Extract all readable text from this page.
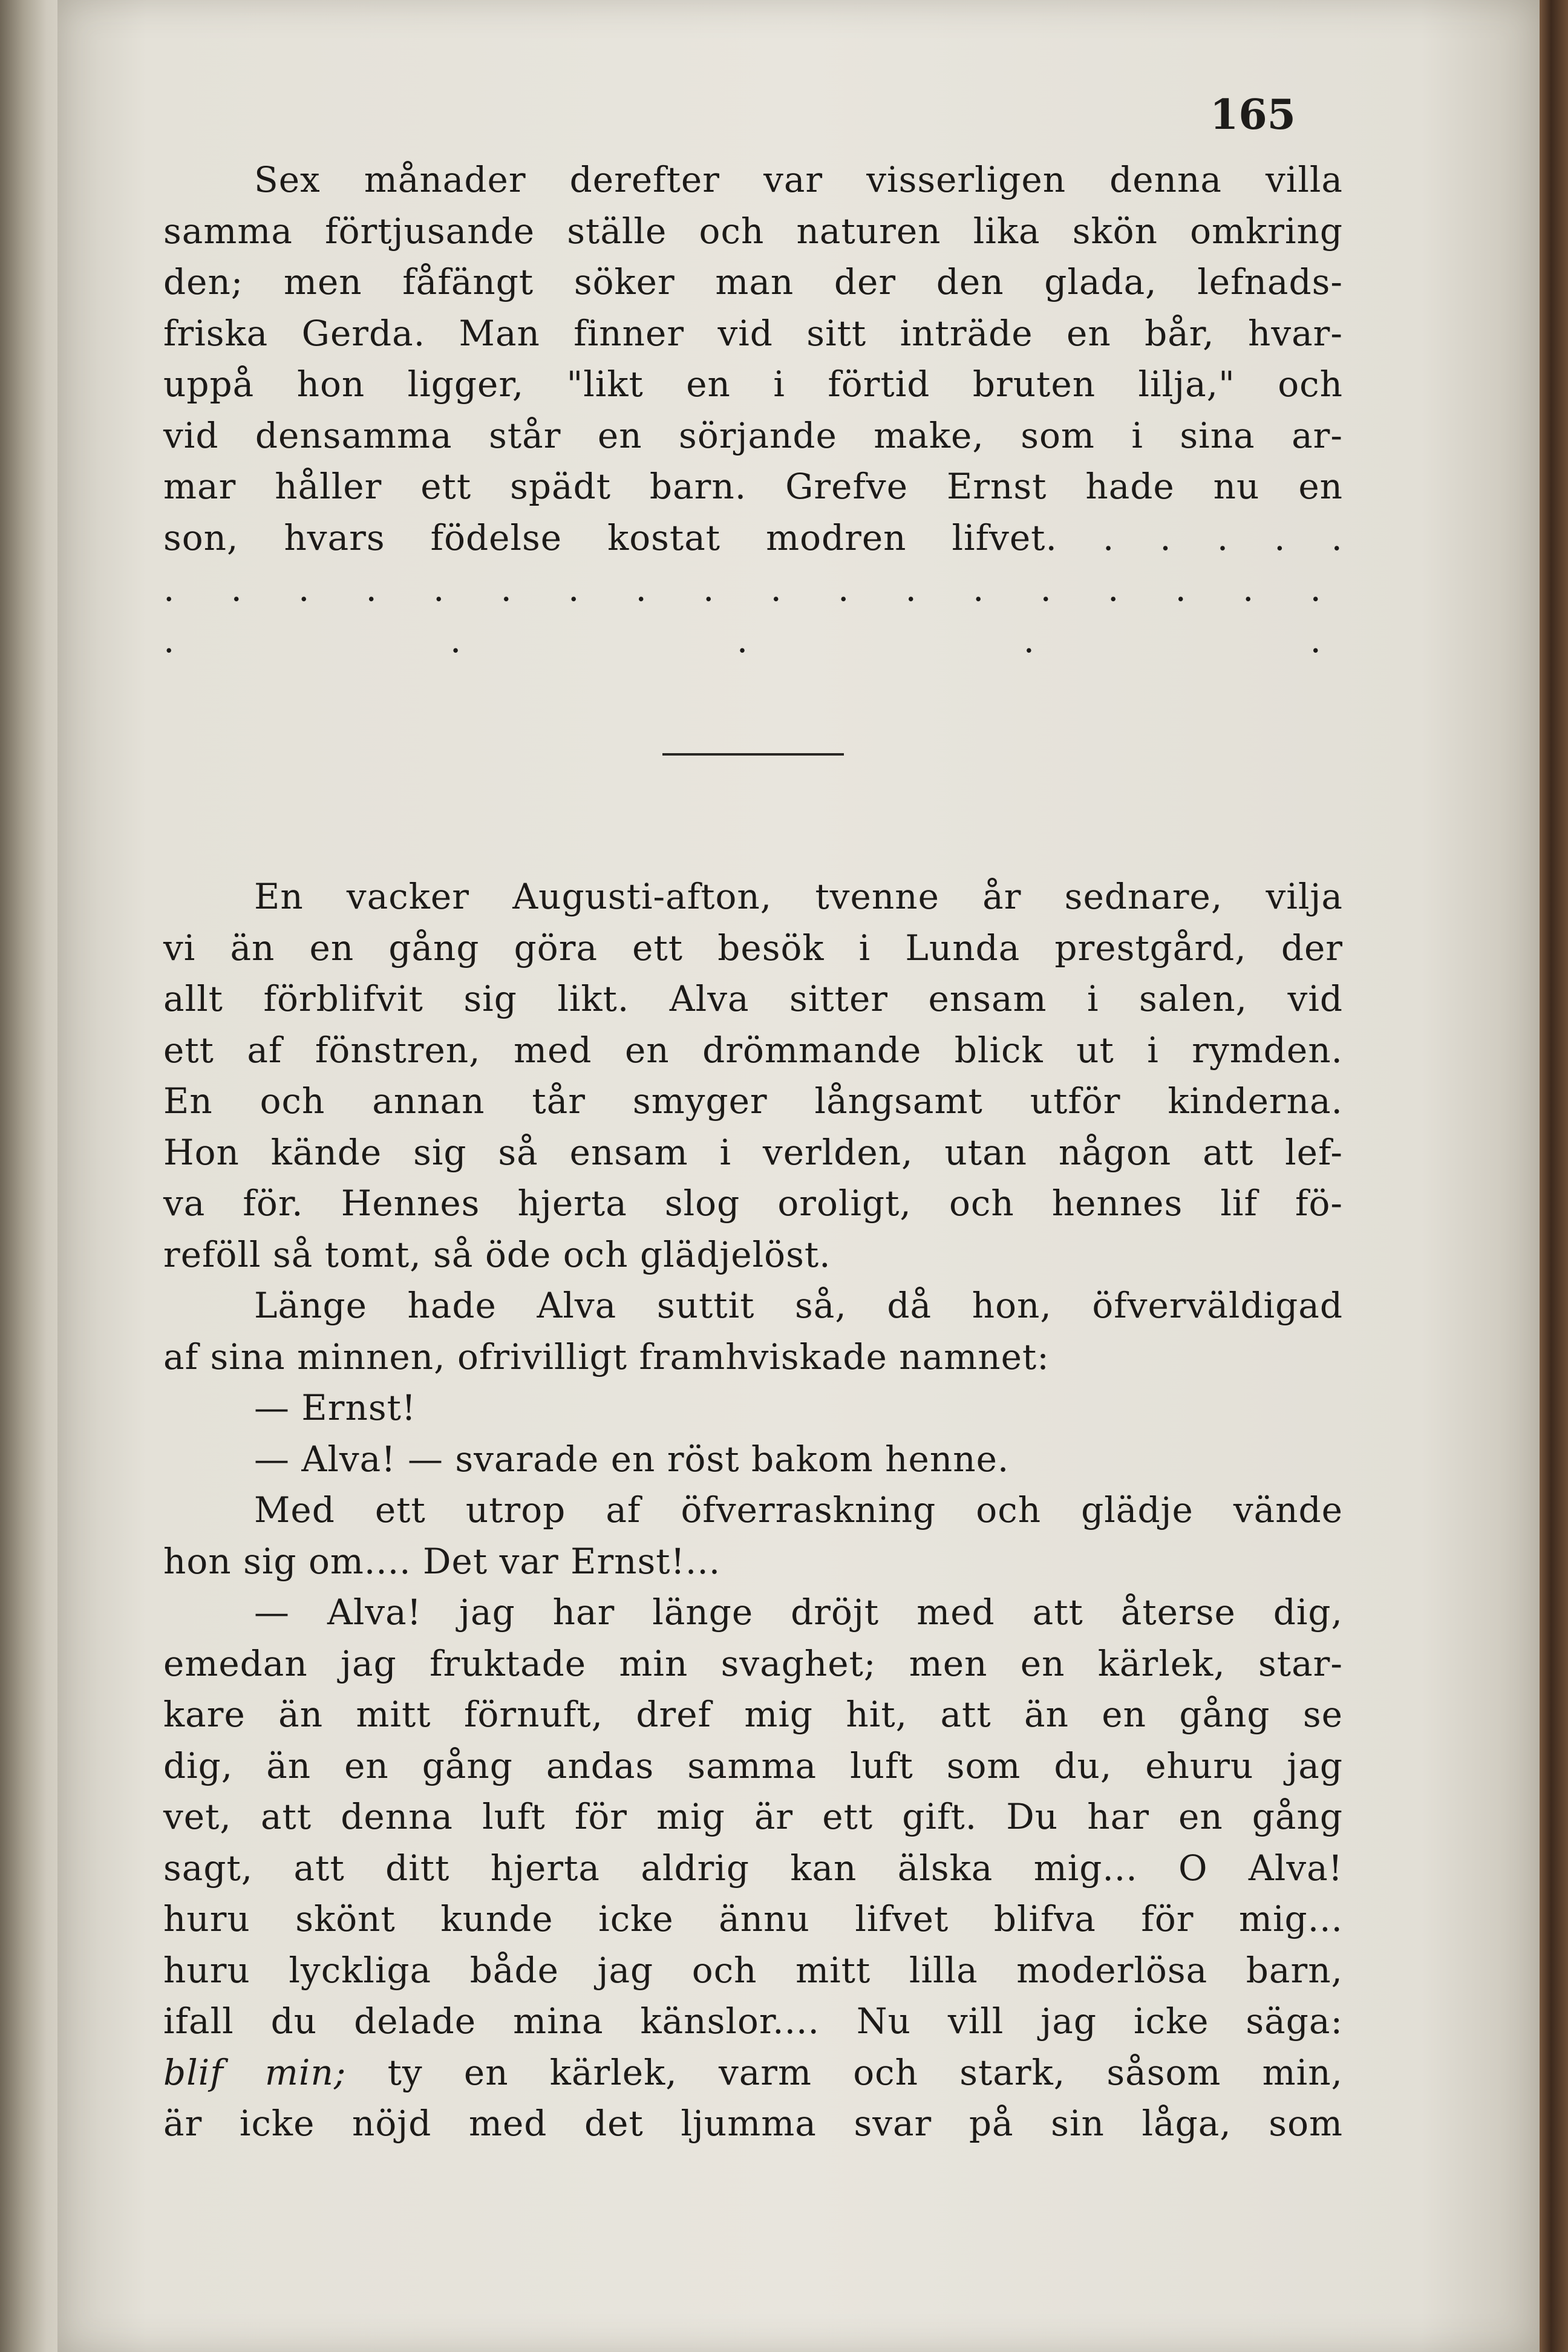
165
Sex månader derefter var visserligen denna villa
samma förtjusande ställe och naturen lika skön omkring
den; men fåfängt söker man der den glada, lefnads-
friska Gerda. Man finner vid sitt inträde en bår, hvar-
uppå hon ligger, "likt en i förtid bruten lilja," och
vid densamma står en sörjande make, som i sina ar-
mar håller ett spädt barn. Grefve Ernst hade nu en
son, hvars födelse kostat modren lifvet. . . . . .
. . . . . . . . . . . . . . . . . . . . . . .
En vacker Augusti-afton, tvenne år sednare, vilja
vi än en gång göra ett besök i Lunda prestgård, der
allt förblifvit sig likt. Alva sitter ensam i salen, vid
ett af fönstren, med en drömmande blick ut i rymden.
En och annan tår smyger långsamt utför kinderna.
Hon kände sig så ensam i verlden, utan någon att lef-
va för. Hennes hjerta slog oroligt, och hennes lif fö-
reföll så tomt, så öde och glädjelöst.
Länge hade Alva suttit så, då hon, öfverväldigad
af sina minnen, ofrivilligt framhviskade namnet:
— Ernst!
— Alva! — svarade en röst bakom henne.
Med ett utrop af öfverraskning och glädje vände
hon sig om.... Det var Ernst!...
— Alva! jag har länge dröjt med att återse dig,
emedan jag fruktade min svaghet; men en kärlek, star-
kare än mitt förnuft, dref mig hit, att än en gång se
dig, än en gång andas samma luft som du, ehuru jag
vet, att denna luft för mig är ett gift. Du har en gång
sagt, att ditt hjerta aldrig kan älska mig... O Alva!
huru skönt kunde icke ännu lifvet blifva för mig...
huru lyckliga både jag och mitt lilla moderlösa barn,
ifall du delade mina känslor.... Nu vill jag icke säga:
blif min; ty en kärlek, varm och stark, såsom min,
är icke nöjd med det ljumma svar på sin låga, som
